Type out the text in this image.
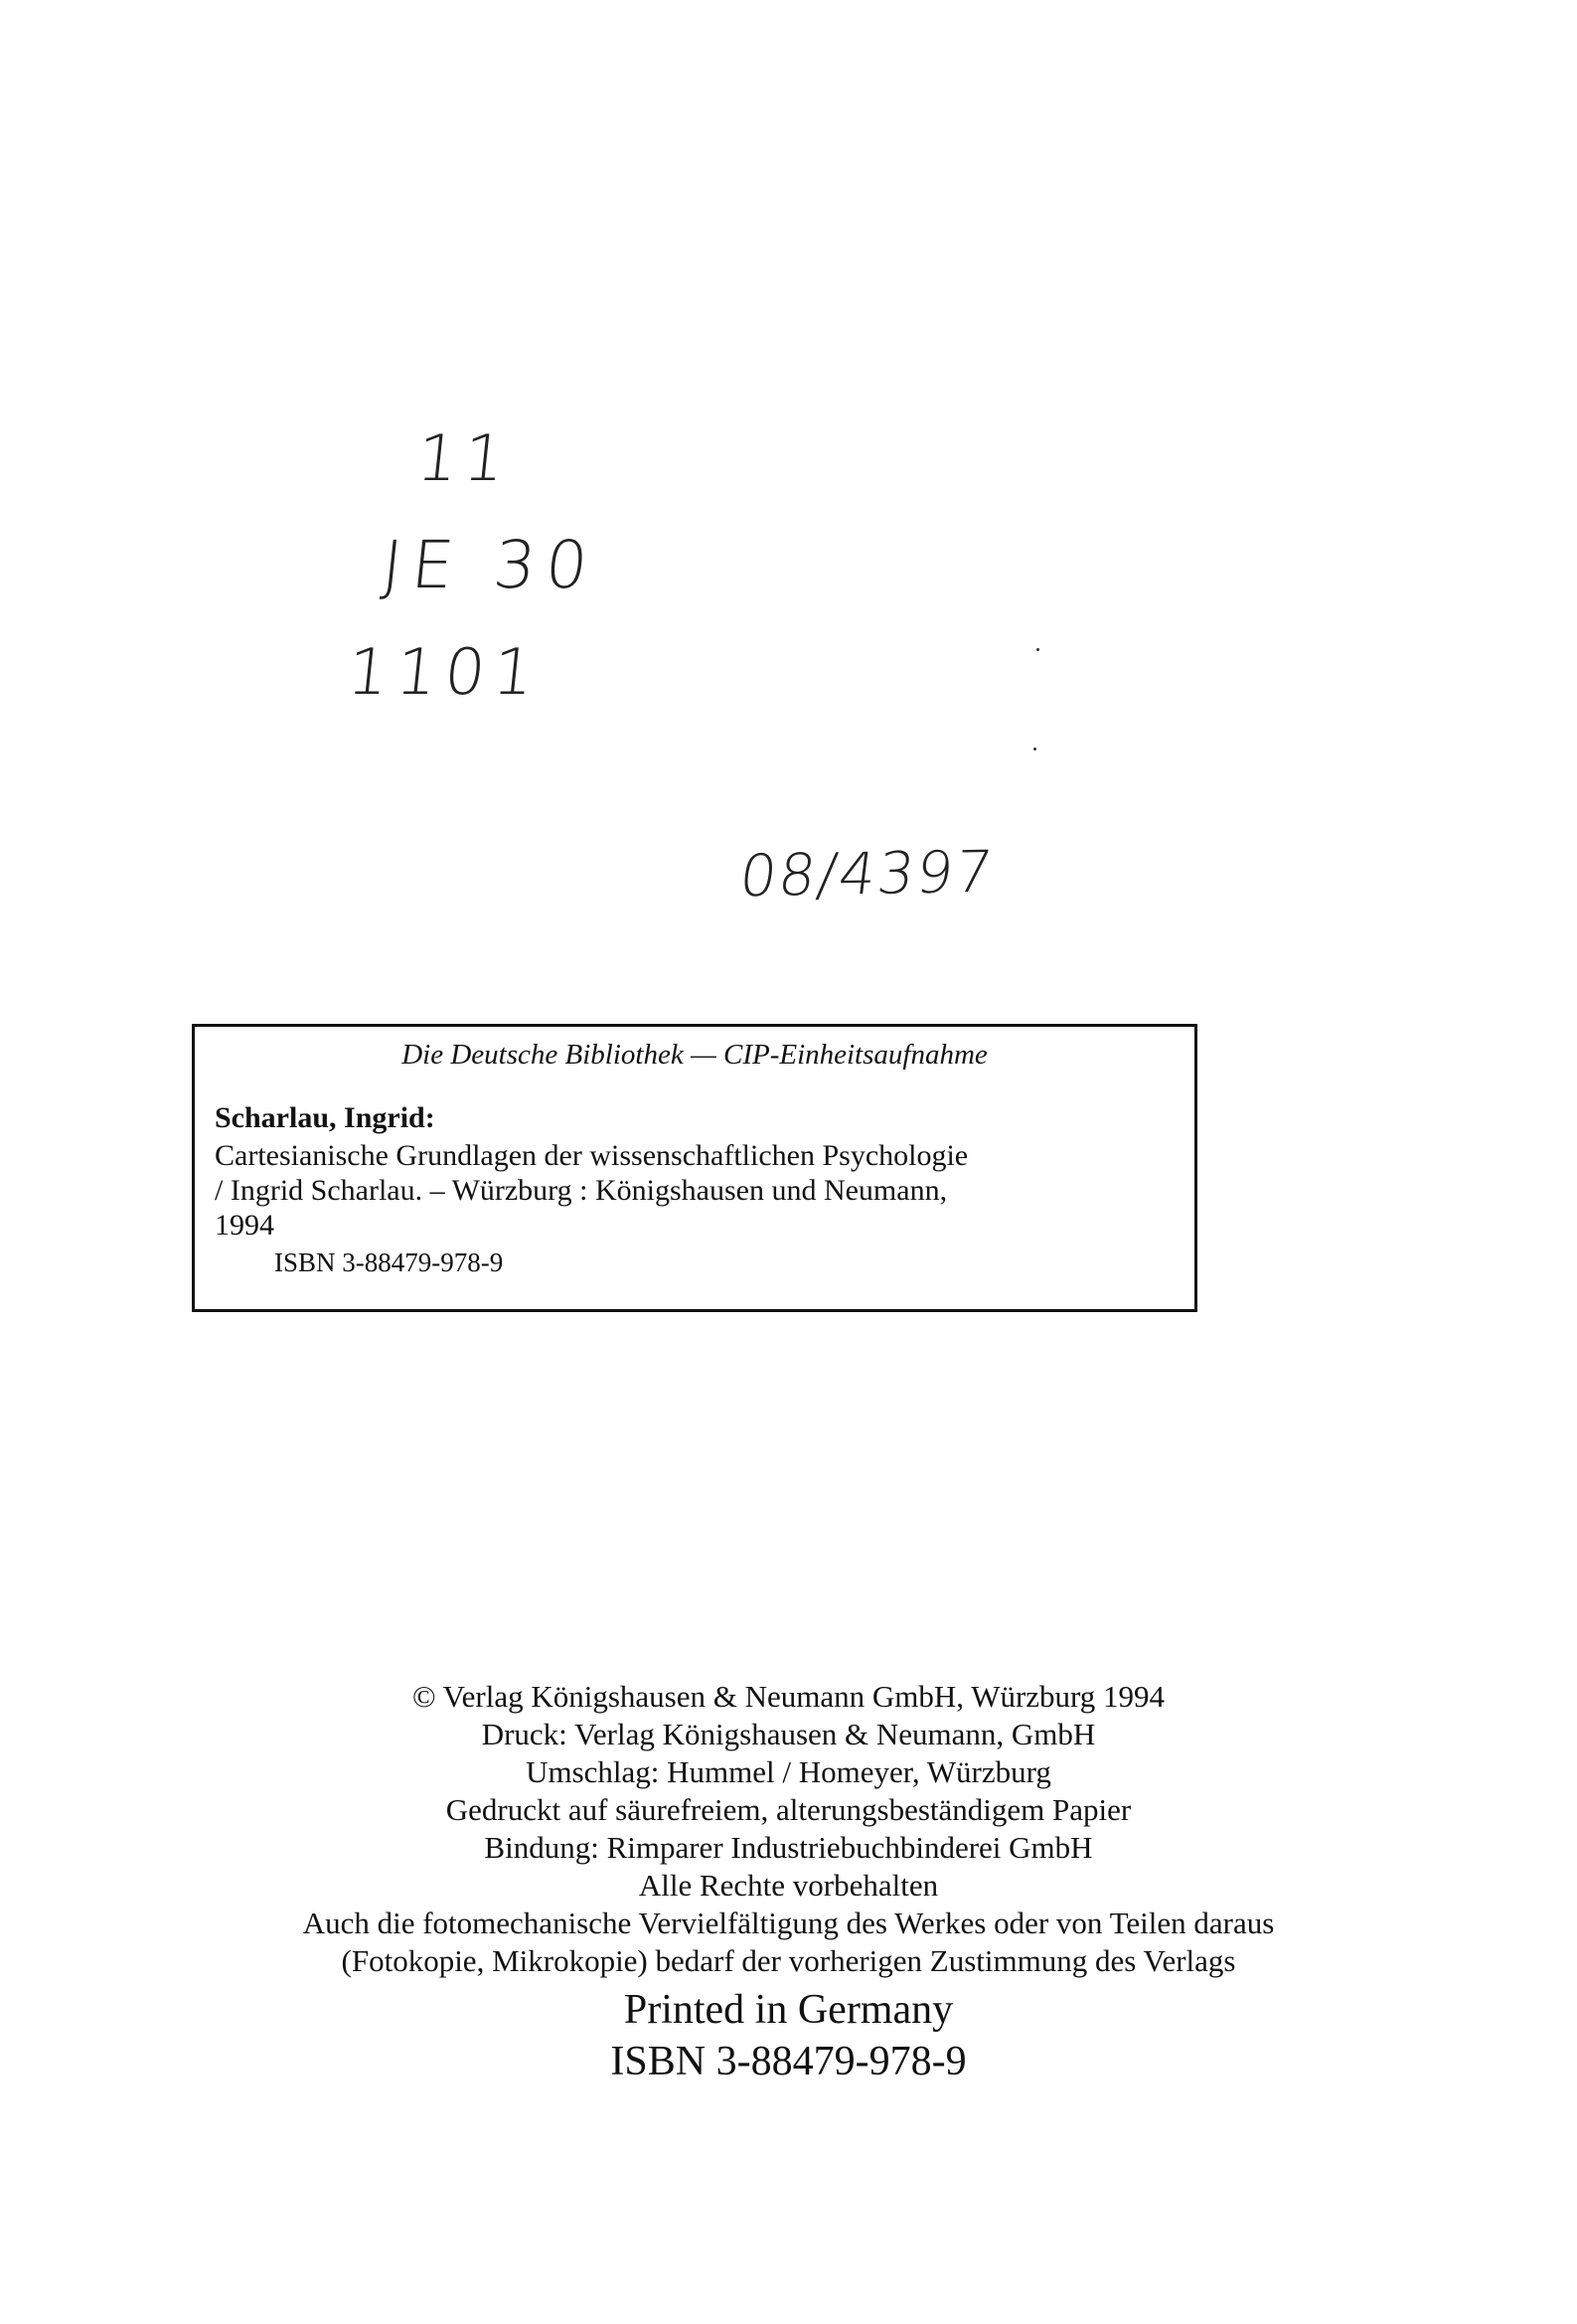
11
JE 30
1101
08/4397
Die Deutsche Bibliothek — CIP-Einheitsaufnahme
Scharlau, Ingrid:
Cartesianische Grundlagen der wissenschaftlichen Psychologie
/ Ingrid Scharlau. – Würzburg : Königshausen und Neumann,
1994
ISBN 3-88479-978-9
© Verlag Königshausen & Neumann GmbH, Würzburg 1994
Druck: Verlag Königshausen & Neumann, GmbH
Umschlag: Hummel / Homeyer, Würzburg
Gedruckt auf säurefreiem, alterungsbeständigem Papier
Bindung: Rimparer Industriebuchbinderei GmbH
Alle Rechte vorbehalten
Auch die fotomechanische Vervielfältigung des Werkes oder von Teilen daraus
(Fotokopie, Mikrokopie) bedarf der vorherigen Zustimmung des Verlags
Printed in Germany
ISBN 3-88479-978-9
